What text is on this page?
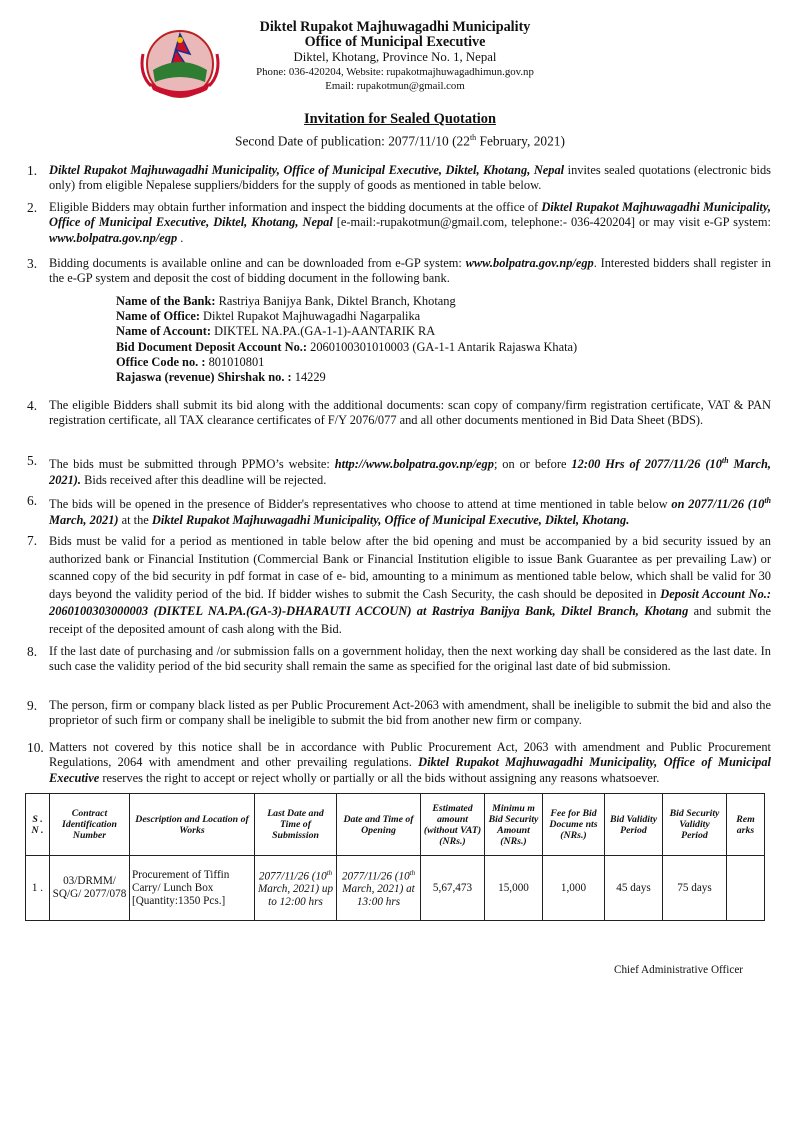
Diktel Rupakot Majhuwagadhi Municipality
Office of Municipal Executive
Diktel, Khotang, Province No. 1, Nepal
Phone: 036-420204, Website: rupakotmajhuwagadhimun.gov.np
Email: rupakotmun@gmail.com
Invitation for Sealed Quotation
Second Date of publication: 2077/11/10 (22th February, 2021)
1. Diktel Rupakot Majhuwagadhi Municipality, Office of Municipal Executive, Diktel, Khotang, Nepal invites sealed quotations (electronic bids only) from eligible Nepalese suppliers/bidders for the supply of goods as mentioned in table below.
2. Eligible Bidders may obtain further information and inspect the bidding documents at the office of Diktel Rupakot Majhuwagadhi Municipality, Office of Municipal Executive, Diktel, Khotang, Nepal [e-mail:-rupakotmun@gmail.com, telephone:- 036-420204] or may visit e-GP system: www.bolpatra.gov.np/egp .
3. Bidding documents is available online and can be downloaded from e-GP system: www.bolpatra.gov.np/egp. Interested bidders shall register in the e-GP system and deposit the cost of bidding document in the following bank.
Name of the Bank: Rastriya Banijya Bank, Diktel Branch, Khotang
Name of Office: Diktel Rupakot Majhuwagadhi Nagarpalika
Name of Account: DIKTEL NA.PA.(GA-1-1)-AANTARIK RA
Bid Document Deposit Account No.: 2060100301010003 (GA-1-1 Antarik Rajaswa Khata)
Office Code no. : 801010801
Rajaswa (revenue) Shirshak no. : 14229
4. The eligible Bidders shall submit its bid along with the additional documents: scan copy of company/firm registration certificate, VAT & PAN registration certificate, all TAX clearance certificates of F/Y 2076/077 and all other documents mentioned in Bid Data Sheet (BDS).
5. The bids must be submitted through PPMO’s website: http://www.bolpatra.gov.np/egp; on or before 12:00 Hrs of 2077/11/26 (10th March, 2021). Bids received after this deadline will be rejected.
6. The bids will be opened in the presence of Bidder's representatives who choose to attend at time mentioned in table below on 2077/11/26 (10th March, 2021) at the Diktel Rupakot Majhuwagadhi Municipality, Office of Municipal Executive, Diktel, Khotang.
7. Bids must be valid for a period as mentioned in table below after the bid opening and must be accompanied by a bid security issued by an authorized bank or Financial Institution (Commercial Bank or Financial Institution eligible to issue Bank Guarantee as per prevailing Law) or scanned copy of the bid security in pdf format in case of e- bid, amounting to a minimum as mentioned table below, which shall be valid for 30 days beyond the validity period of the bid. If bidder wishes to submit the Cash Security, the cash should be deposited in Deposit Account No.: 2060100303000003 (DIKTEL NA.PA.(GA-3)-DHARAUTI ACCOUN) at Rastriya Banijya Bank, Diktel Branch, Khotang and submit the receipt of the deposited amount of cash along with the Bid.
8. If the last date of purchasing and /or submission falls on a government holiday, then the next working day shall be considered as the last date. In such case the validity period of the bid security shall remain the same as specified for the original last date of bid submission.
9. The person, firm or company black listed as per Public Procurement Act-2063 with amendment, shall be ineligible to submit the bid and also the proprietor of such firm or company shall be ineligible to submit the bid from another new firm or company.
10. Matters not covered by this notice shall be in accordance with Public Procurement Act, 2063 with amendment and Public Procurement Regulations, 2064 with amendment and other prevailing regulations. Diktel Rupakot Majhuwagadhi Municipality, Office of Municipal Executive reserves the right to accept or reject wholly or partially or all the bids without assigning any reasons whatsoever.
S . N .	Contract Identification Number	Description and Location of Works	Last Date and Time of Submission	Date and Time of Opening	Estimated amount (without VAT) (NRs.)	Minimu m Bid Security Amount (NRs.)	Fee for Bid Docume nts (NRs.)	Bid Validity Period	Bid Security Validity Period	Rem arks
1 .	03/DRMM/ SQ/G/ 2077/078	Procurement of Tiffin Carry/ Lunch Box [Quantity:1350 Pcs.]	2077/11/26 (10th March, 2021) up to 12:00 hrs	2077/11/26 (10th March, 2021) at 13:00 hrs	5,67,473	15,000	1,000	45 days	75 days	
Chief Administrative Officer
